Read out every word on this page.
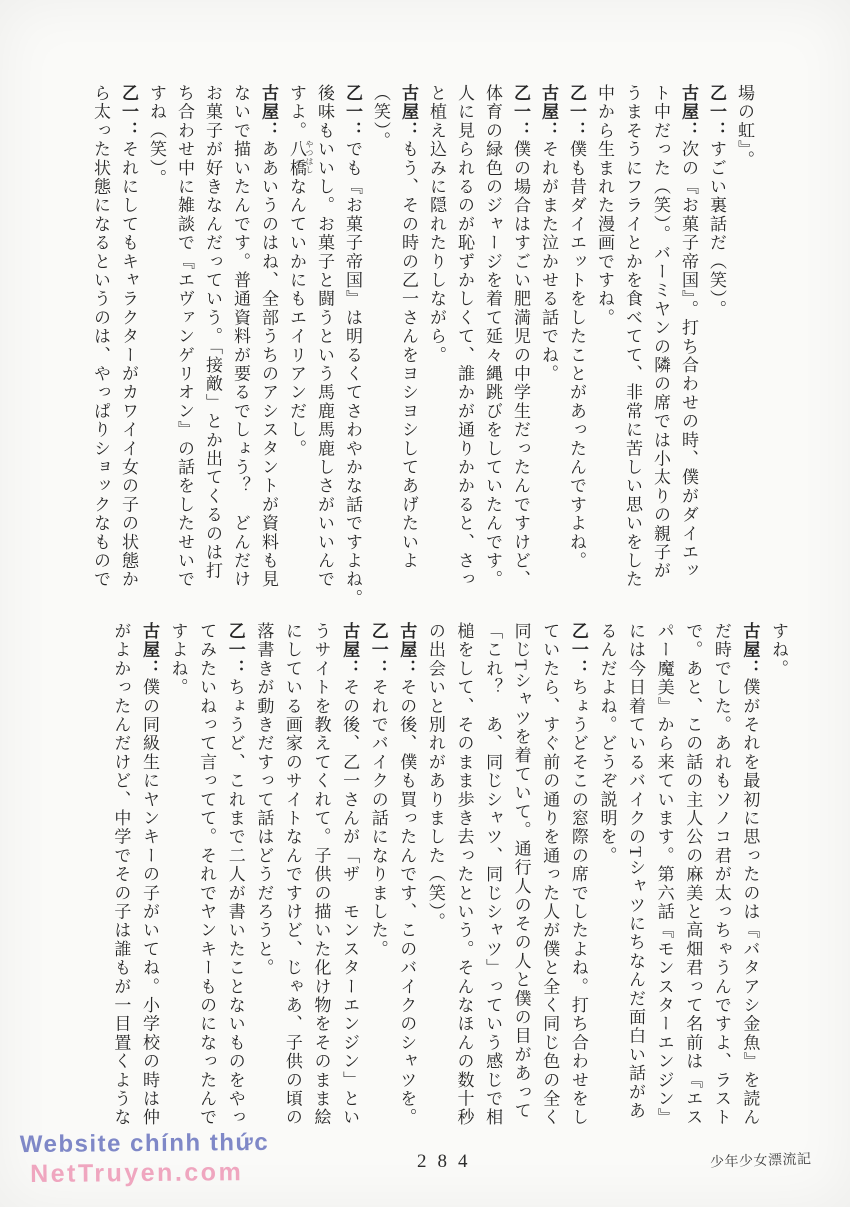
場の虹』。
乙一：すごい裏話だ（笑）。
古屋：次の『お菓子帝国』。打ち合わせの時、僕がダイエッ
ト中だった（笑）。バーミヤンの隣の席では小太りの親子が
うまそうにフライとかを食べてて、非常に苦しい思いをした
中から生まれた漫画ですね。
乙一：僕も昔ダイエットをしたことがあったんですよね。
古屋：それがまた泣かせる話でね。
乙一：僕の場合はすごい肥満児の中学生だったんですけど、
体育の緑色のジャージを着て延々縄跳びをしていたんです。
人に見られるのが恥ずかしくて、誰かが通りかかると、さっ
と植え込みに隠れたりしながら。
古屋：もう、その時の乙一さんをヨシヨシしてあげたいよ
（笑）。
乙一：でも『お菓子帝国』は明るくてさわやかな話ですよね。
後味もいいし。お菓子と闘うという馬鹿馬鹿しさがいいんで
すよ。八橋なんていかにもエイリアンだし。
古屋：ああいうのはね、全部うちのアシスタントが資料も見
ないで描いたんです。普通資料が要るでしょう？　どんだけ
お菓子が好きなんだっていう。「接敵」とか出てくるのは打
ち合わせ中に雑談で『エヴァンゲリオン』の話をしたせいで
すね（笑）。
乙一：それにしてもキャラクターがカワイイ女の子の状態か
ら太った状態になるというのは、やっぱりショックなもので	やつはし
すね。
古屋：僕がそれを最初に思ったのは『バタアシ金魚』を読ん
だ時でした。あれもソノコ君が太っちゃうんですよ、ラスト
で。あと、この話の主人公の麻美と高畑君って名前は『エス
パー魔美』から来ています。第六話『モンスターエンジン』
には今日着ているバイクのTシャツにちなんだ面白い話があ
るんだよね。どうぞ説明を。
乙一：ちょうどそこの窓際の席でしたよね。打ち合わせをし
ていたら、すぐ前の通りを通った人が僕と全く同じ色の全く
同じTシャツを着ていて。通行人のその人と僕の目があって
「これ？　あ、同じシャツ、同じシャツ」っていう感じで相
槌をして、そのまま歩き去ったという。そんなほんの数十秒
の出会いと別れがありました（笑）。
古屋：その後、僕も買ったんです、このバイクのシャツを。
乙一：それでバイクの話になりました。
古屋：その後、乙一さんが「ザ　モンスターエンジン」とい
うサイトを教えてくれて。子供の描いた化け物をそのまま絵
にしている画家のサイトなんですけど、じゃあ、子供の頃の
落書きが動きだすって話はどうだろうと。
乙一：ちょうど、これまで二人が書いたことないものをやっ
てみたいねって言ってて。それでヤンキーものになったんで
すよね。
古屋：僕の同級生にヤンキーの子がいてね。小学校の時は仲
がよかったんだけど、中学でその子は誰もが一目置くような
Website chính thức
NetTruyen.com	284	少年少女漂流記
